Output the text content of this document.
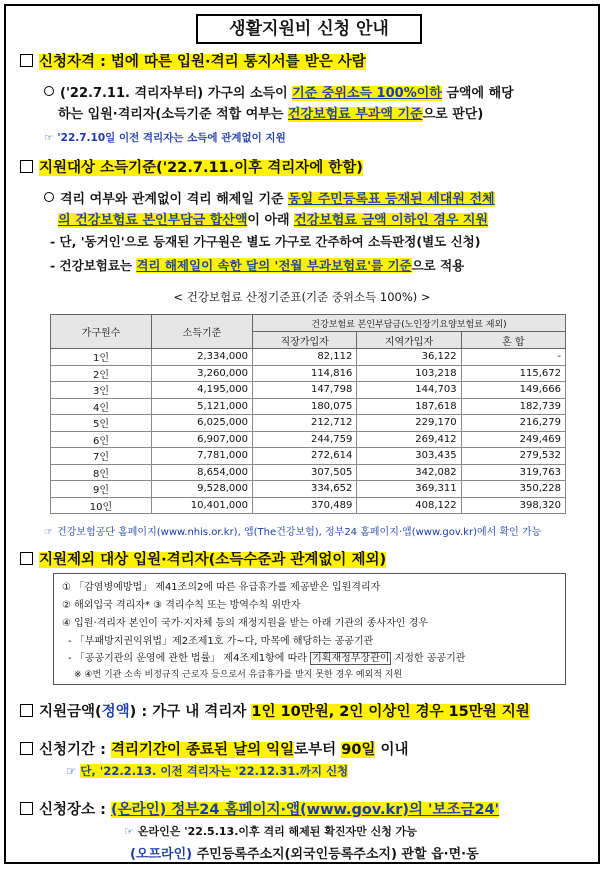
생활지원비 신청 안내
신청자격 : 법에 따른 입원·격리 통지서를 받은 사람
('22.7.11. 격리자부터) 가구의 소득이 기준 중위소득 100%이하 금액에 해당
하는 입원·격리자(소득기준 적합 여부는 건강보험료 부과액 기준으로 판단)
☞ '22.7.10일 이전 격리자는 소득에 관계없이 지원
지원대상 소득기준('22.7.11.이후 격리자에 한함)
격리 여부와 관계없이 격리 해제일 기준 동일 주민등록표 등재된 세대원 전체
의 건강보험료 본인부담금 합산액이 아래 건강보험료 금액 이하인 경우 지원
- 단, '동거인'으로 등재된 가구원은 별도 가구로 간주하여 소득판정(별도 신청)
- 건강보험료는 격리 해제일이 속한 달의 '전월 부과보험료'를 기준으로 적용
< 건강보험료 산정기준표(기준 중위소득 100%) >
가구원수	소득기준	건강보험료 본인부담금(노인장기요양보험료 제외)		
		직장가입자	지역가입자	혼 합
1인	2,334,000	82,112	36,122	-
2인	3,260,000	114,816	103,218	115,672
3인	4,195,000	147,798	144,703	149,666
4인	5,121,000	180,075	187,618	182,739
5인	6,025,000	212,712	229,170	216,279
6인	6,907,000	244,759	269,412	249,469
7인	7,781,000	272,614	303,435	279,532
8인	8,654,000	307,505	342,082	319,763
9인	9,528,000	334,652	369,311	350,228
10인	10,401,000	370,489	408,122	398,320
☞ 건강보험공단 홈페이지(www.nhis.or.kr), 앱(The건강보험), 정부24 홈페이지·앱(www.gov.kr)에서 확인 가능
지원제외 대상 입원·격리자(소득수준과 관계없이 제외)
① 「감염병예방법」 제41조의2에 따른 유급휴가를 제공받은 입원격리자
② 해외입국 격리자* ③ 격리수칙 또는 방역수칙 위반자
④ 입원·격리자 본인이 국가·지자체 등의 재정지원을 받는 아래 기관의 종사자인 경우
- 「부패방지권익위법」제2조제1호 가~다, 마목에 해당하는 공공기관
- 「공공기관의 운영에 관한 법률」 제4조제1항에 따라 기획재정부장관이 지정한 공공기관
※ ④번 기관 소속 비정규직 근로자 등으로서 유급휴가를 받지 못한 경우 예외적 지원
지원금액(정액) : 가구 내 격리자 1인 10만원, 2인 이상인 경우 15만원 지원
신청기간 : 격리기간이 종료된 날의 익일로부터 90일 이내
☞ 단, '22.2.13. 이전 격리자는 '22.12.31.까지 신청
신청장소 : (온라인) 정부24 홈페이지·앱(www.gov.kr)의 '보조금24'
☞ 온라인은 '22.5.13.이후 격리 해제된 확진자만 신청 가능
(오프라인) 주민등록주소지(외국인등록주소지) 관할 읍·면·동
